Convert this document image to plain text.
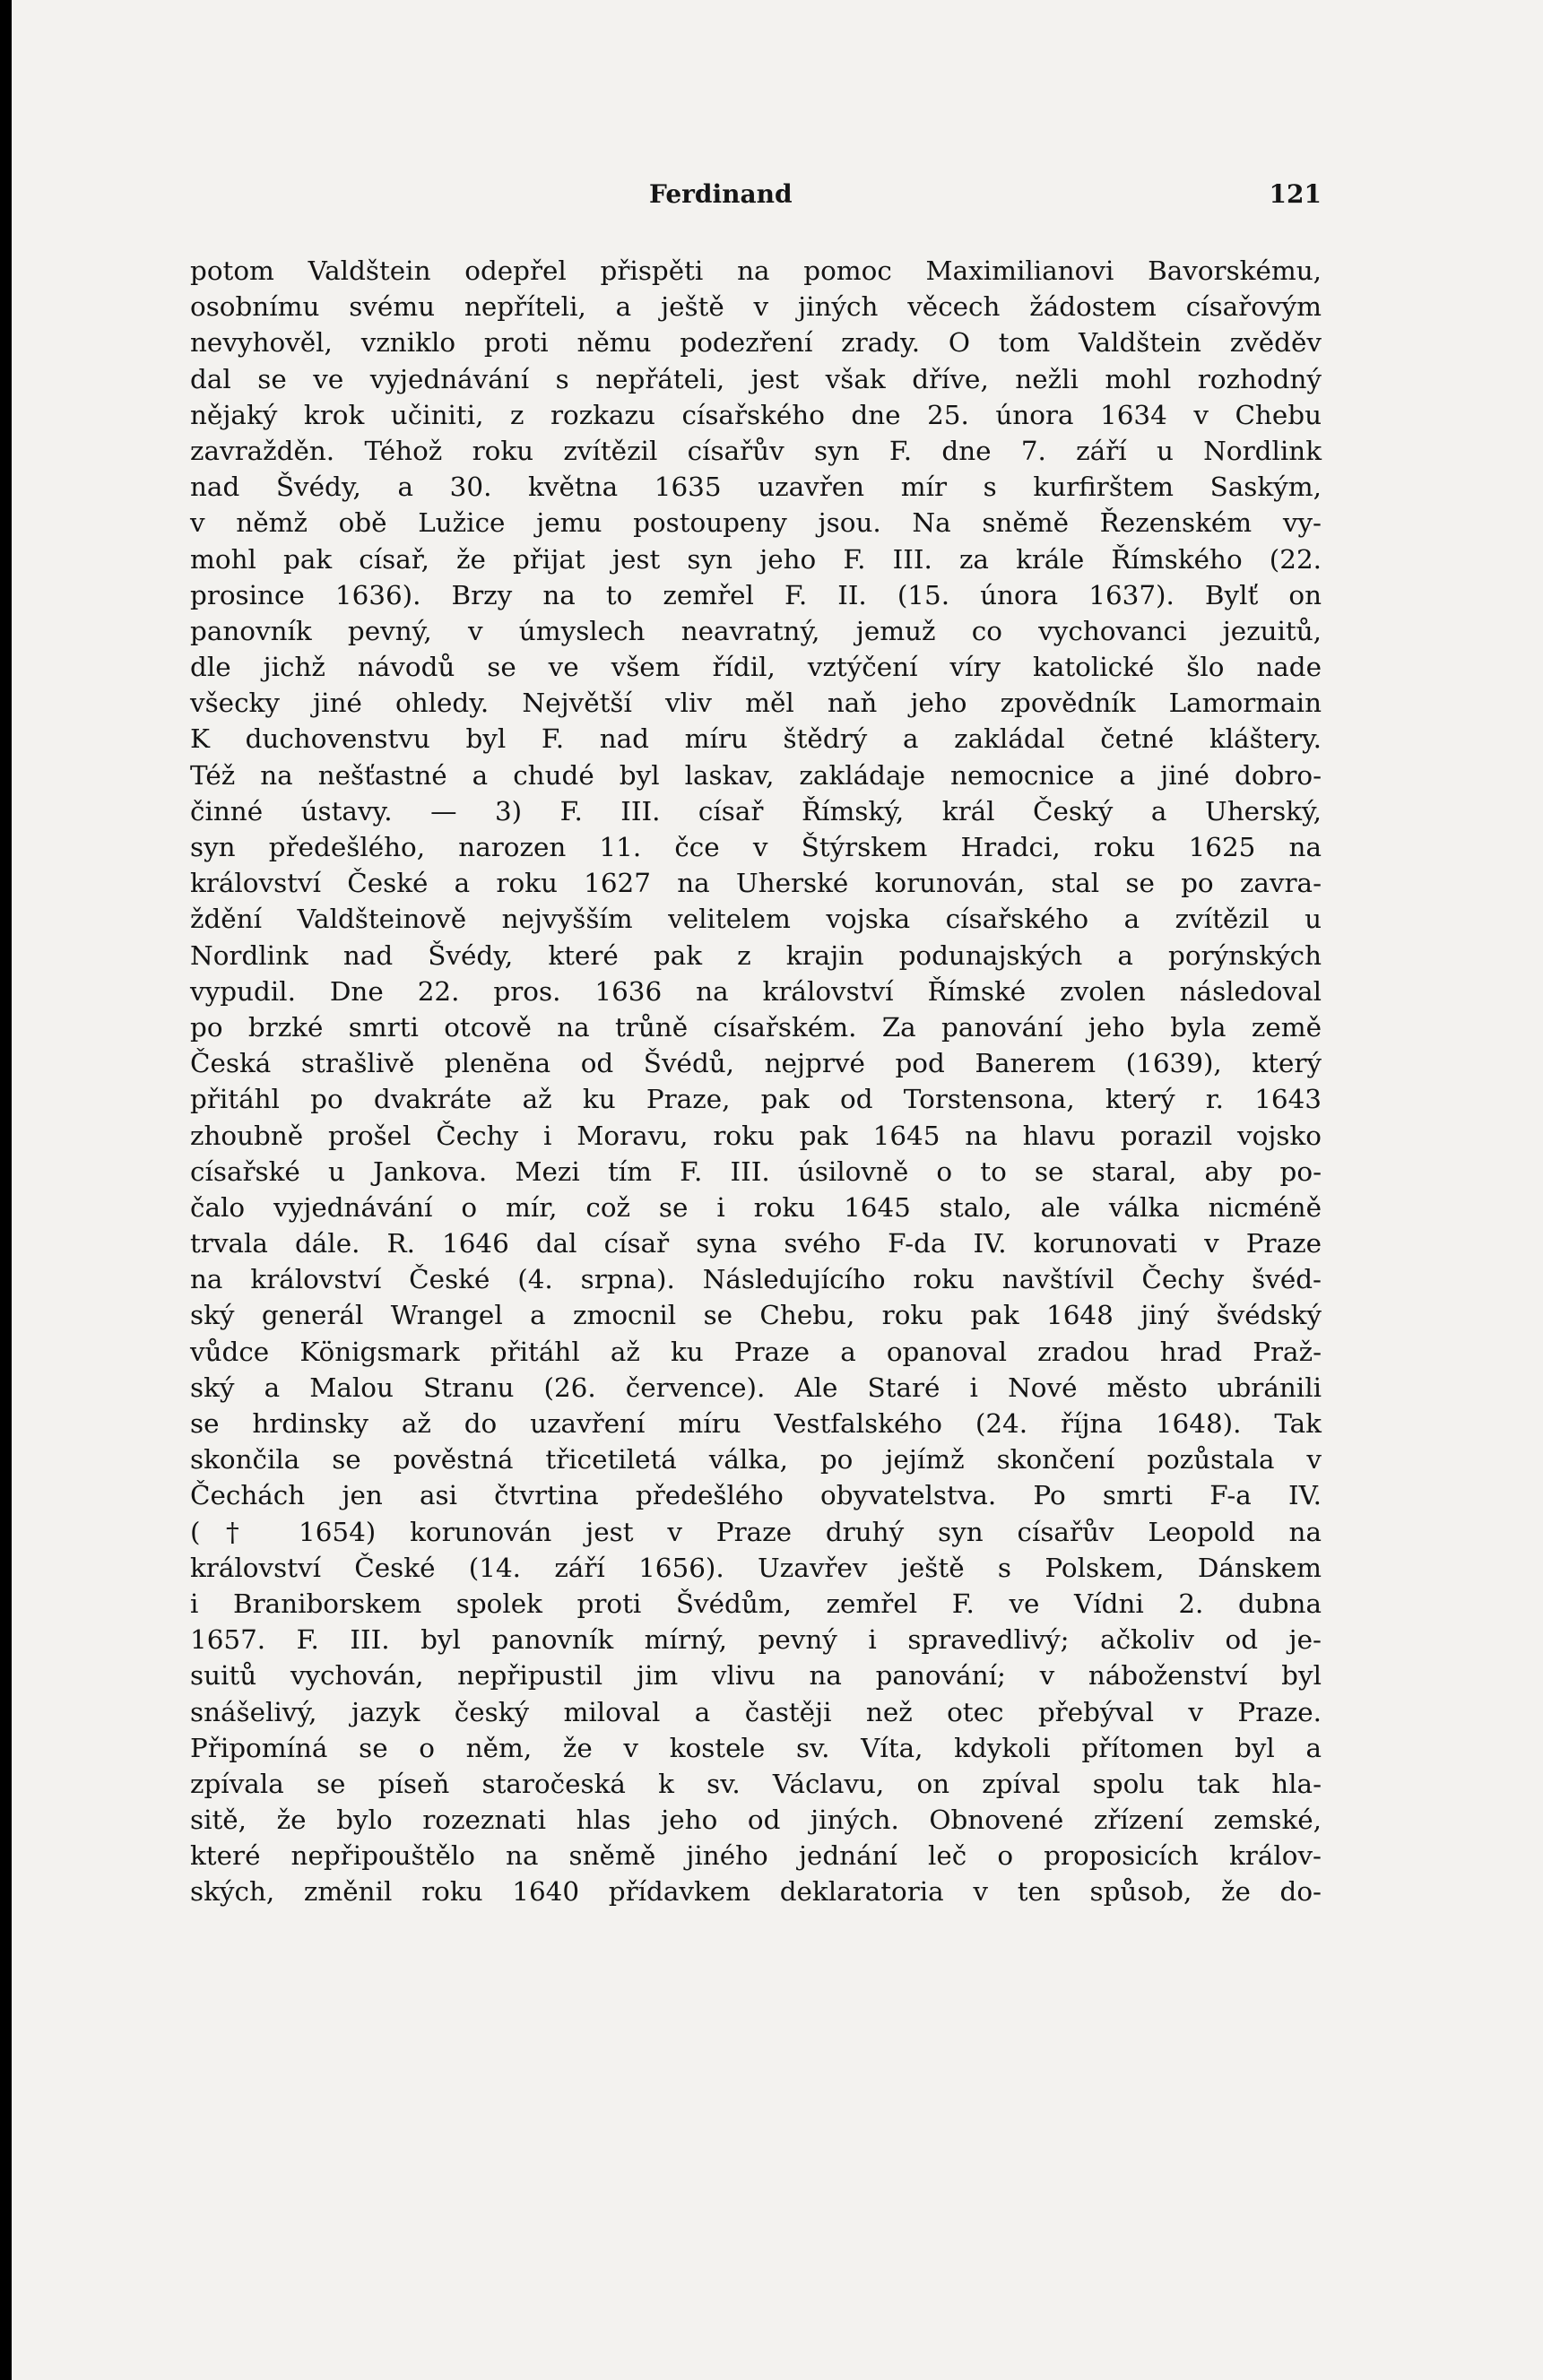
Ferdinand	121
potom Valdštein odepřel přispěti na pomoc Maximilianovi Bavorskému,
osobnímu svému nepříteli, a ještě v jiných věcech žádostem císařovým
nevyhověl, vzniklo proti němu podezření zrady. O tom Valdštein zvěděv
dal se ve vyjednávání s nepřáteli, jest však dříve, nežli mohl rozhodný
nějaký krok učiniti, z rozkazu císařského dne 25. února 1634 v Chebu
zavražděn. Téhož roku zvítězil císařův syn F. dne 7. září u Nordlink
nad Švédy, a 30. května 1635 uzavřen mír s kurfirštem Saským,
v němž obě Lužice jemu postoupeny jsou. Na sněmě Řezenském vy-
mohl pak císař, že přijat jest syn jeho F. III. za krále Římského (22.
prosince 1636). Brzy na to zemřel F. II. (15. února 1637). Bylť on
panovník pevný, v úmyslech neavratný, jemuž co vychovanci jezuitů,
dle jichž návodů se ve všem řídil, vztýčení víry katolické šlo nade
všecky jiné ohledy. Největší vliv měl naň jeho zpovědník Lamormain
K duchovenstvu byl F. nad míru štědrý a zakládal četné kláštery.
Též na nešťastné a chudé byl laskav, zakládaje nemocnice a jiné dobro-
činné ústavy. — 3) F. III. císař Římský, král Český a Uherský,
syn předešlého, narozen 11. čce v Štýrskem Hradci, roku 1625 na
království České a roku 1627 na Uherské korunován, stal se po zavra-
ždění Valdšteinově nejvyšším velitelem vojska císařského a zvítězil u
Nordlink nad Švédy, které pak z krajin podunajských a porýnských
vypudil. Dne 22. pros. 1636 na království Římské zvolen následoval
po brzké smrti otcově na trůně císařském. Za panování jeho byla země
Česká strašlivě plenĕna od Švédů, nejprvé pod Banerem (1639), který
přitáhl po dvakráte až ku Praze, pak od Torstensona, který r. 1643
zhoubně prošel Čechy i Moravu, roku pak 1645 na hlavu porazil vojsko
císařské u Jankova. Mezi tím F. III. úsilovně o to se staral, aby po-
čalo vyjednávání o mír, což se i roku 1645 stalo, ale válka nicméně
trvala dále. R. 1646 dal císař syna svého F-da IV. korunovati v Praze
na království České (4. srpna). Následujícího roku navštívil Čechy švéd-
ský generál Wrangel a zmocnil se Chebu, roku pak 1648 jiný švédský
vůdce Königsmark přitáhl až ku Praze a opanoval zradou hrad Praž-
ský a Malou Stranu (26. července). Ale Staré i Nové město ubránili
se hrdinsky až do uzavření míru Vestfalského (24. října 1648). Tak
skončila se pověstná třicetiletá válka, po jejímž skončení pozůstala v
Čechách jen asi čtvrtina předešlého obyvatelstva. Po smrti F-a IV.
(† 1654) korunován jest v Praze druhý syn císařův Leopold na
království České (14. září 1656). Uzavřev ještě s Polskem, Dánskem
i Braniborskem spolek proti Švédům, zemřel F. ve Vídni 2. dubna
1657. F. III. byl panovník mírný, pevný i spravedlivý; ačkoliv od je-
suitů vychován, nepřipustil jim vlivu na panování; v náboženství byl
snášelivý, jazyk český miloval a častěji než otec přebýval v Praze.
Připomíná se o něm, že v kostele sv. Víta, kdykoli přítomen byl a
zpívala se píseň staročeská k sv. Václavu, on zpíval spolu tak hla-
sitě, že bylo rozeznati hlas jeho od jiných. Obnovené zřízení zemské,
které nepřipouštělo na sněmě jiného jednání leč o proposicích králov-
ských, změnil roku 1640 přídavkem deklaratoria v ten spůsob, že do-
